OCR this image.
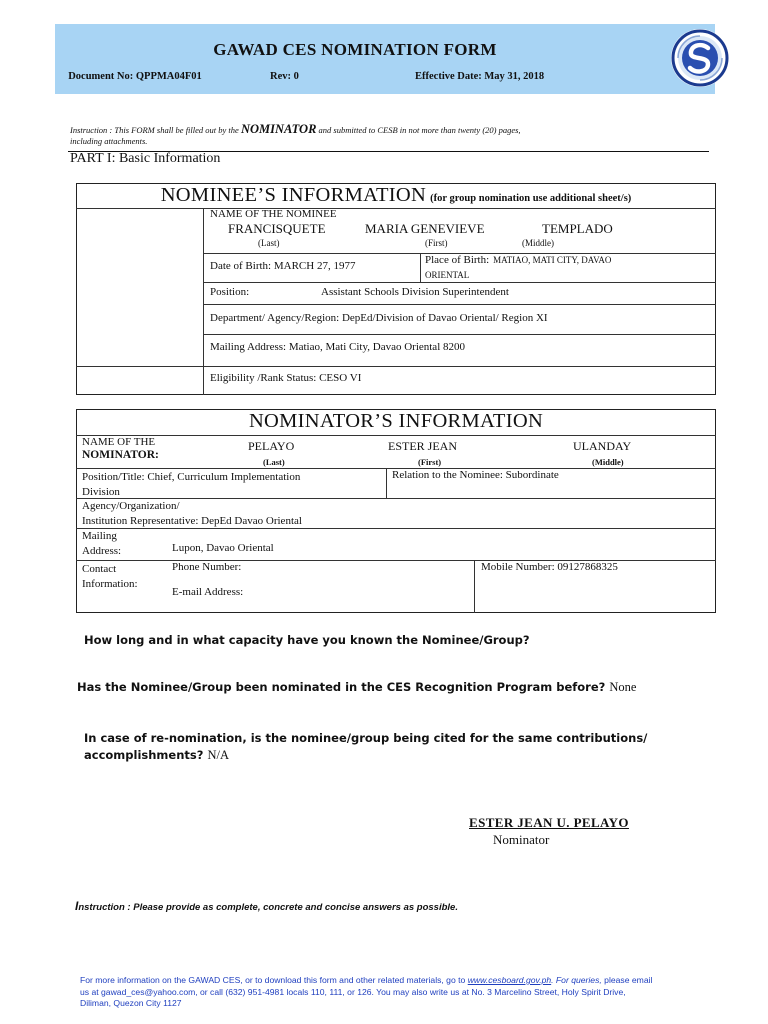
GAWAD CES NOMINATION FORM
Document No: QPPMA04F01	Rev: 0	Effective Date: May 31, 2018
Instruction : This FORM shall be filled out by the NOMINATOR and submitted to CESB in not more than twenty (20) pages,
including attachments.
PART I: Basic Information
NOMINEE’S INFORMATION (for group nomination use additional sheet/s)
NAME OF THE NOMINEE
FRANCISQUETE	MARIA GENEVIEVE	TEMPLADO
(Last)	(First)	(Middle)
Date of Birth: MARCH 27, 1977	Place of Birth: MATIAO, MATI CITY, DAVAO
ORIENTAL
Position:	Assistant Schools Division Superintendent
Department/ Agency/Region: DepEd/Division of Davao Oriental/ Region XI
Mailing Address: Matiao, Mati City, Davao Oriental 8200
Eligibility /Rank Status: CESO VI
NOMINATOR’S INFORMATION
NAME OF THE
NOMINATOR:
PELAYO	ESTER JEAN	ULANDAY
(Last)	(First)	(Middle)
Position/Title: Chief, Curriculum Implementation
Division
Relation to the Nominee: Subordinate
Agency/Organization/
Institution Representative: DepEd Davao Oriental
Mailing
Address:	Lupon, Davao Oriental
Contact
Information:
Phone Number:
E-mail Address:
Mobile Number: 09127868325
How long and in what capacity have you known the Nominee/Group?
Has the Nominee/Group been nominated in the CES Recognition Program before? None
In case of re-nomination, is the nominee/group being cited for the same contributions/
accomplishments? N/A
ESTER JEAN U. PELAYO
Nominator
Instruction : Please provide as complete, concrete and concise answers as possible.
For more information on the GAWAD CES, or to download this form and other related materials, go to www.cesboard.gov.ph. For queries, please email
us at gawad_ces@yahoo.com, or call (632) 951-4981 locals 110, 111, or 126. You may also write us at No. 3 Marcelino Street, Holy Spirit Drive,
Diliman, Quezon City 1127
